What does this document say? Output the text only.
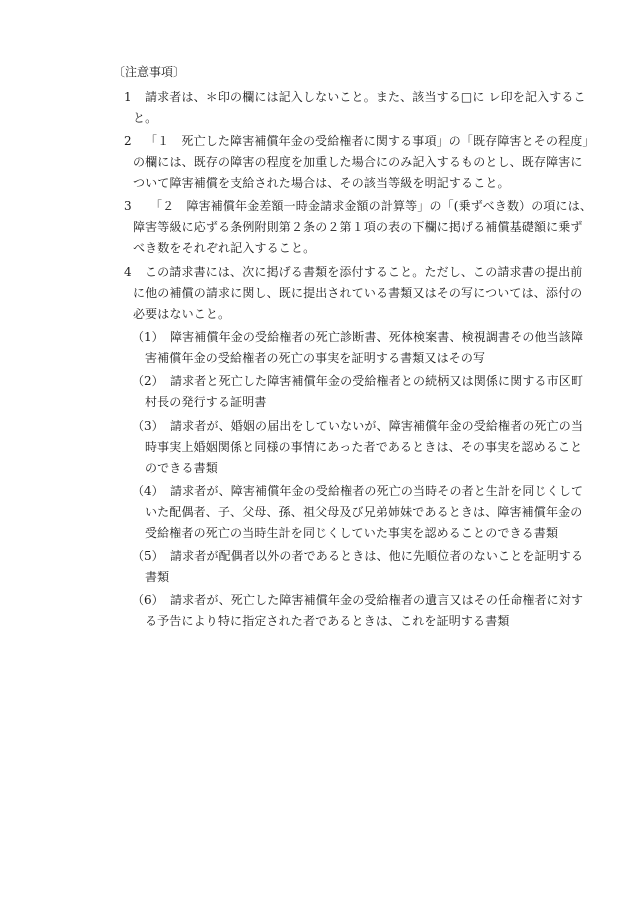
〔注意事項〕
1 請求者は、＊印の欄には記入しないこと。また、該当する□に レ印を記入するこ
と。
2 「１　死亡した障害補償年金の受給権者に関する事項」の「既存障害とその程度」
の欄には、既存の障害の程度を加重した場合にのみ記入するものとし、既存障害に
ついて障害補償を支給された場合は、その該当等級を明記すること。
3 「２　障害補償年金差額一時金請求金額の計算等」の「(乗ずべき数）の項には、
障害等級に応ずる条例附則第２条の２第１項の表の下欄に掲げる補償基礎額に乗ず
べき数をそれぞれ記入すること。
4 この請求書には、次に掲げる書類を添付すること。ただし、この請求書の提出前
に他の補償の請求に関し、既に提出されている書類又はその写については、添付の
必要はないこと。
（1） 障害補償年金の受給権者の死亡診断書、死体検案書、検視調書その他当該障
害補償年金の受給権者の死亡の事実を証明する書類又はその写
（2） 請求者と死亡した障害補償年金の受給権者との続柄又は関係に関する市区町
村長の発行する証明書
（3） 請求者が、婚姻の届出をしていないが、障害補償年金の受給権者の死亡の当
時事実上婚姻関係と同様の事情にあった者であるときは、その事実を認めること
のできる書類
（4） 請求者が、障害補償年金の受給権者の死亡の当時その者と生計を同じくして
いた配偶者、子、父母、孫、祖父母及び兄弟姉妹であるときは、障害補償年金の
受給権者の死亡の当時生計を同じくしていた事実を認めることのできる書類
（5） 請求者が配偶者以外の者であるときは、他に先順位者のないことを証明する
書類
（6） 請求者が、死亡した障害補償年金の受給権者の遺言又はその任命権者に対す
る予告により特に指定された者であるときは、これを証明する書類
